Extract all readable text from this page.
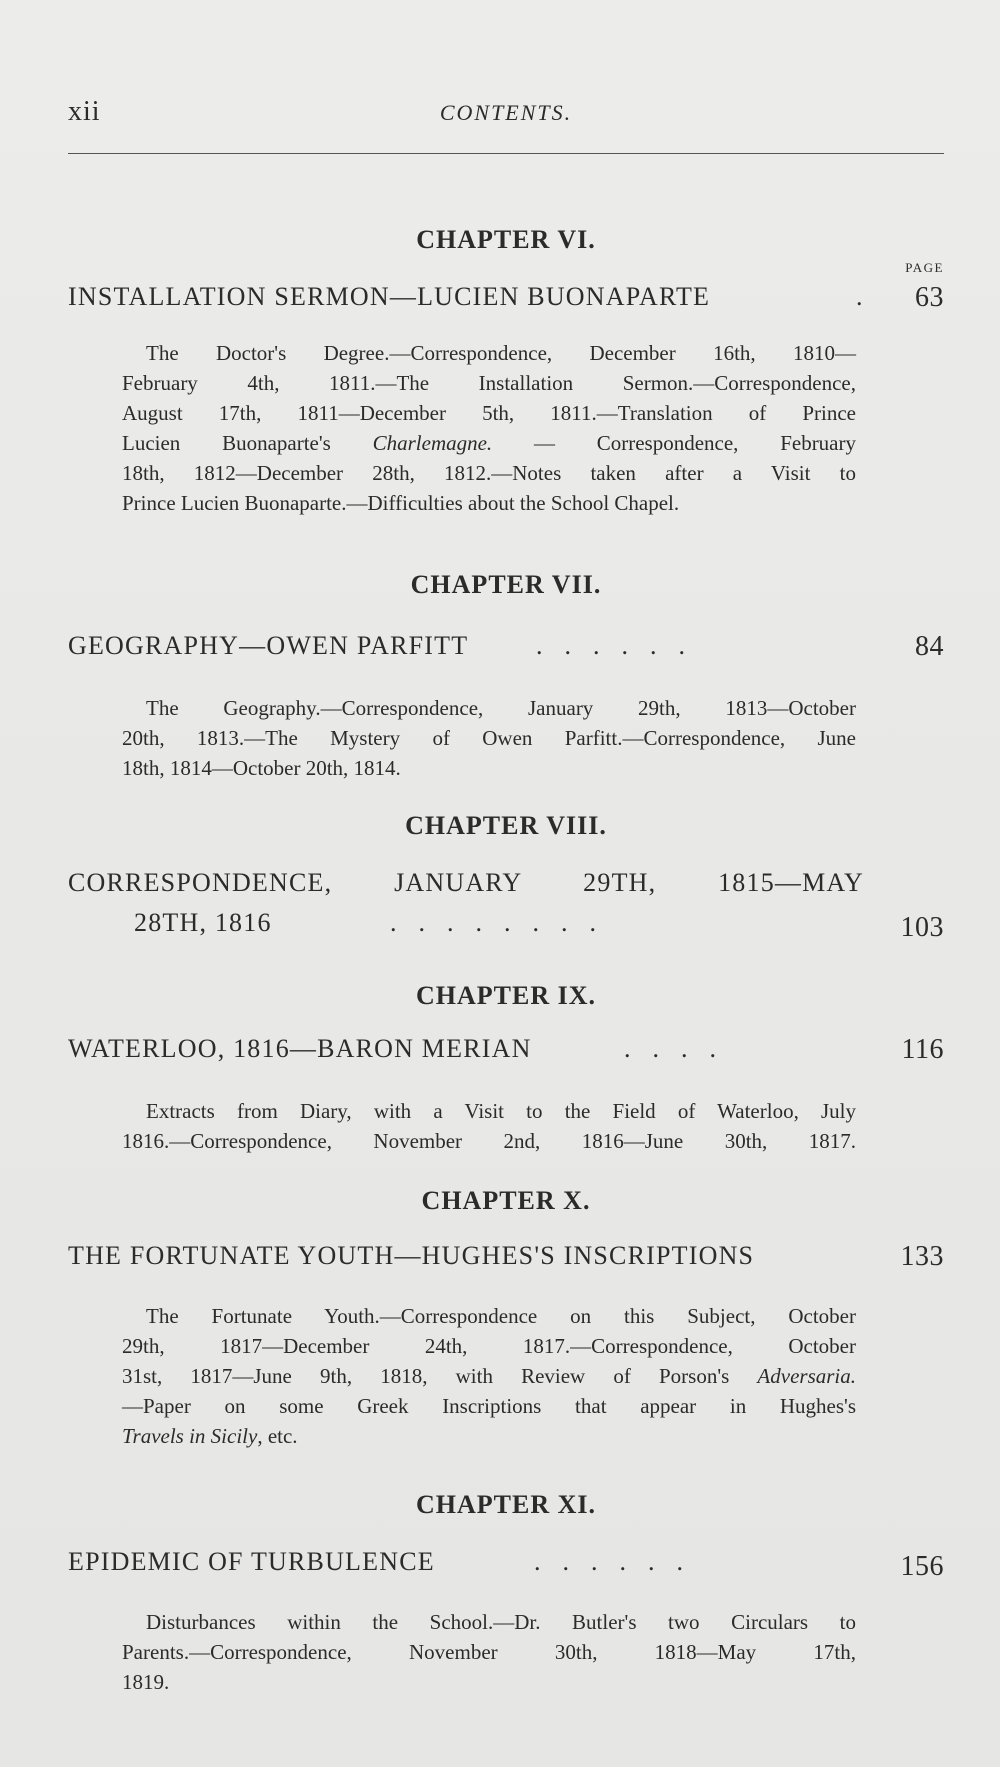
xii	CONTENTS.
CHAPTER VI.
PAGE
INSTALLATION SERMON—LUCIEN BUONAPARTE	. 63
The Doctor's Degree.—Correspondence, December 16th, 1810—
February 4th, 1811.—The Installation Sermon.—Correspondence,
August 17th, 1811—December 5th, 1811.—Translation of Prince
Lucien Buonaparte's Charlemagne. — Correspondence, February
18th, 1812—December 28th, 1812.—Notes taken after a Visit to
Prince Lucien Buonaparte.—Difficulties about the School Chapel.
CHAPTER VII.
GEOGRAPHY—OWEN PARFITT	......	84
The Geography.—Correspondence, January 29th, 1813—October
20th, 1813.—The Mystery of Owen Parfitt.—Correspondence, June
18th, 1814—October 20th, 1814.
CHAPTER VIII.
CORRESPONDENCE, JANUARY 29TH, 1815—MAY
28TH, 1816	........	103
CHAPTER IX.
WATERLOO, 1816—BARON MERIAN	....	116
Extracts from Diary, with a Visit to the Field of Waterloo, July
1816.—Correspondence, November 2nd, 1816—June 30th, 1817.
CHAPTER X.
THE FORTUNATE YOUTH—HUGHES'S INSCRIPTIONS	133
The Fortunate Youth.—Correspondence on this Subject, October
29th, 1817—December 24th, 1817.—Correspondence, October
31st, 1817—June 9th, 1818, with Review of Porson's Adversaria.
—Paper on some Greek Inscriptions that appear in Hughes's
Travels in Sicily, etc.
CHAPTER XI.
EPIDEMIC OF TURBULENCE	......	156
Disturbances within the School.—Dr. Butler's two Circulars to
Parents.—Correspondence, November 30th, 1818—May 17th,
1819.
